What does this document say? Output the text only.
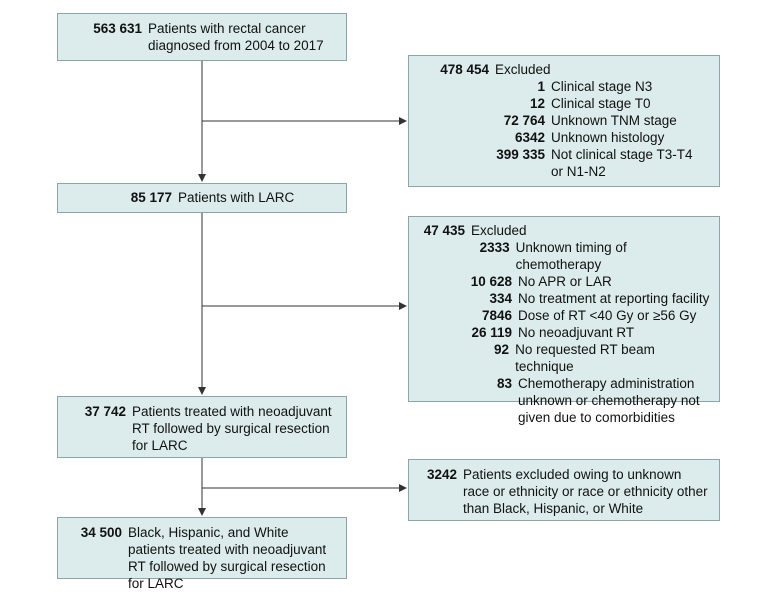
563 631 Patients with rectal cancer diagnosed from 2004 to 2017
85 177 Patients with LARC
37 742 Patients treated with neoadjuvant RT followed by surgical resection for LARC
34 500 Black, Hispanic, and White patients treated with neoadjuvant RT followed by surgical resection for LARC
478 454 Excluded
1 Clinical stage N3
12 Clinical stage T0
72 764 Unknown TNM stage
6342 Unknown histology
399 335 Not clinical stage T3-T4 or N1-N2
47 435 Excluded
2333 Unknown timing of chemotherapy
10 628 No APR or LAR
334 No treatment at reporting facility
7846 Dose of RT <40 Gy or ≥56 Gy
26 119 No neoadjuvant RT
92 No requested RT beam technique
83 Chemotherapy administration unknown or chemotherapy not given due to comorbidities
3242 Patients excluded owing to unknown race or ethnicity or race or ethnicity other than Black, Hispanic, or White
